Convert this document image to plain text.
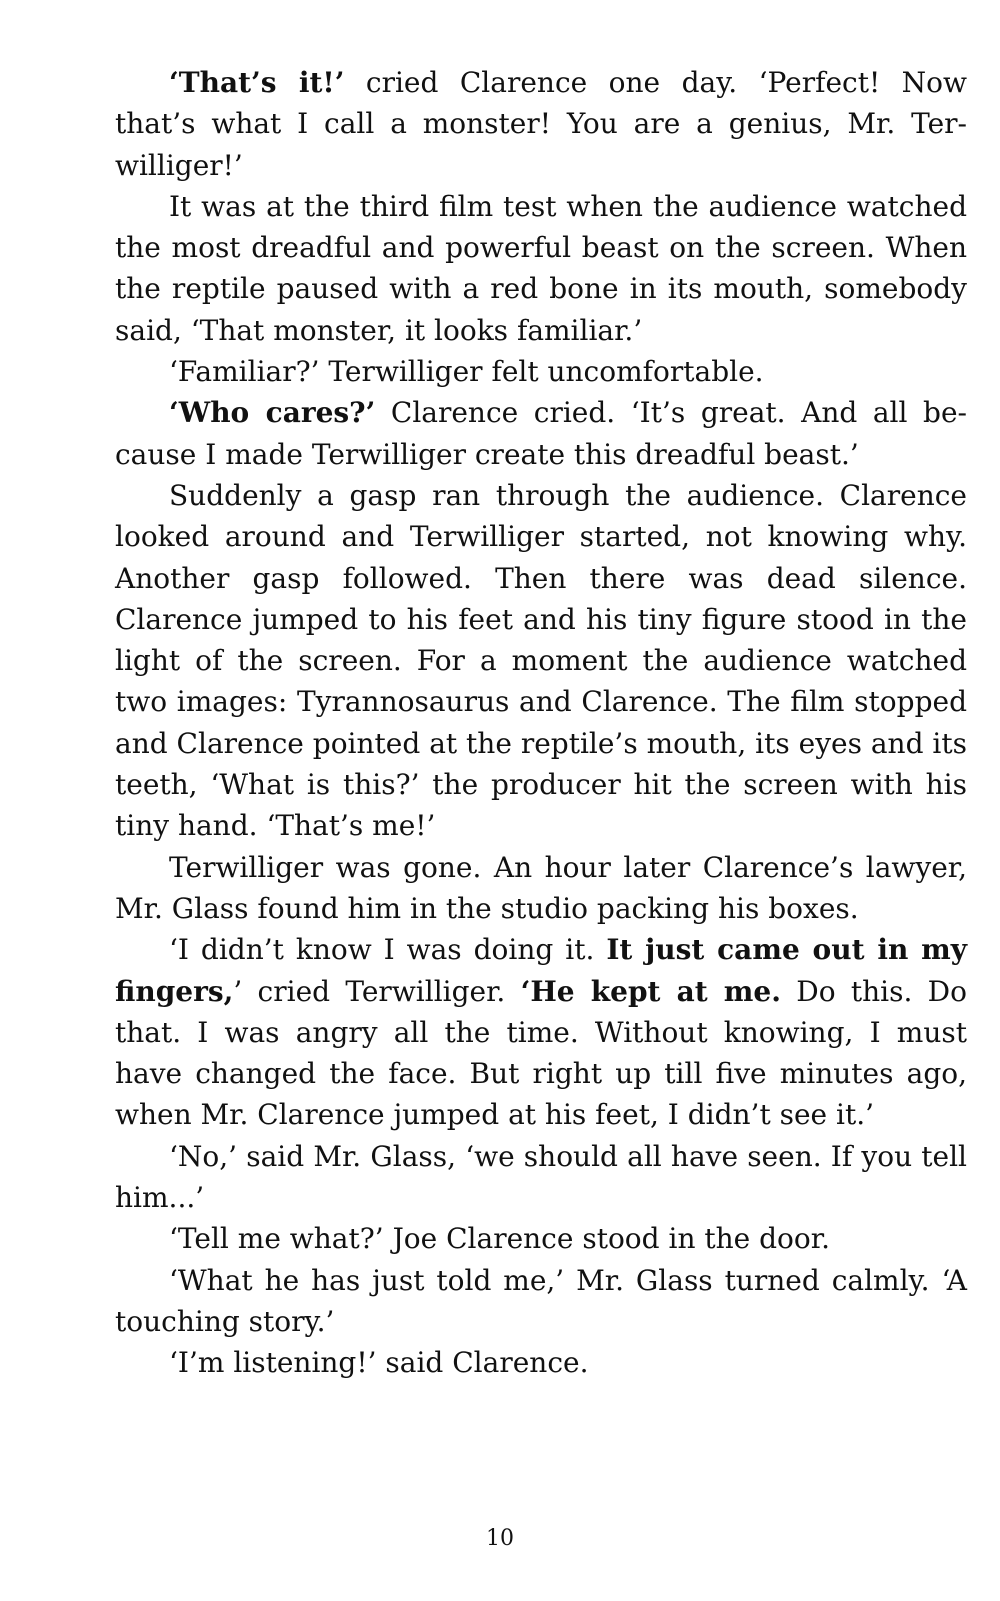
‘That’s it!’ cried Clarence one day. ‘Perfect! Now that’s what I call a monster! You are a genius, Mr. Terwilliger!’

It was at the third film test when the audience watched the most dreadful and powerful beast on the screen. When the reptile paused with a red bone in its mouth, somebody said, ‘That monster, it looks familiar.’

‘Familiar?’ Terwilliger felt uncomfortable.

‘Who cares?’ Clarence cried. ‘It’s great. And all because I made Terwilliger create this dreadful beast.’

Suddenly a gasp ran through the audience. Clarence looked around and Terwilliger started, not knowing why. Another gasp followed. Then there was dead silence. Clarence jumped to his feet and his tiny figure stood in the light of the screen. For a moment the audience watched two images: Tyrannosaurus and Clarence. The film stopped and Clarence pointed at the reptile’s mouth, its eyes and its teeth, ‘What is this?’ the producer hit the screen with his tiny hand. ‘That’s me!’

Terwilliger was gone. An hour later Clarence’s lawyer, Mr. Glass found him in the studio packing his boxes.

‘I didn’t know I was doing it. It just came out in my fingers,’ cried Terwilliger. ‘He kept at me. Do this. Do that. I was angry all the time. Without knowing, I must have changed the face. But right up till five minutes ago, when Mr. Clarence jumped at his feet, I didn’t see it.’

‘No,’ said Mr. Glass, ‘we should all have seen. If you tell him...’

‘Tell me what?’ Joe Clarence stood in the door.

‘What he has just told me,’ Mr. Glass turned calmly. ‘A touching story.’

‘I’m listening!’ said Clarence.

10
